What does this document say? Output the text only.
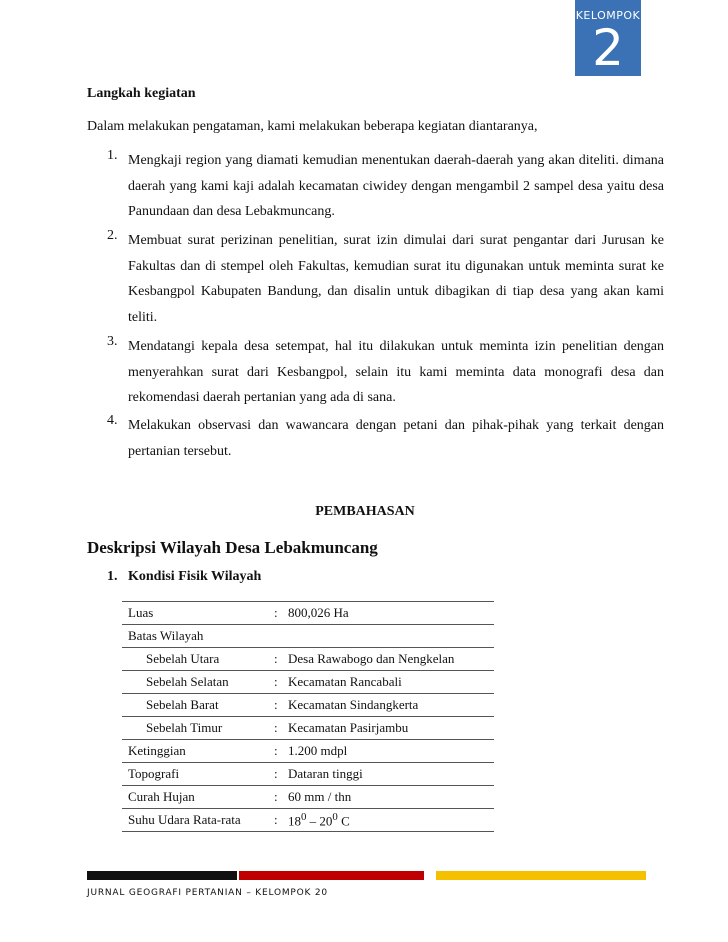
KELOMPOK
2
Langkah kegiatan
Dalam melakukan pengataman, kami melakukan beberapa kegiatan diantaranya,
1. Mengkaji region yang diamati kemudian menentukan daerah-daerah yang akan diteliti. dimana daerah yang kami kaji adalah kecamatan ciwidey dengan mengambil 2 sampel desa yaitu desa Panundaan dan desa Lebakmuncang.
2. Membuat surat perizinan penelitian, surat izin dimulai dari surat pengantar dari Jurusan ke Fakultas dan di stempel oleh Fakultas, kemudian surat itu digunakan untuk meminta surat ke Kesbangpol Kabupaten Bandung, dan disalin untuk dibagikan di tiap desa yang akan kami teliti.
3. Mendatangi kepala desa setempat, hal itu dilakukan untuk meminta izin penelitian dengan menyerahkan surat dari Kesbangpol, selain itu kami meminta data monografi desa dan rekomendasi daerah pertanian yang ada di sana.
4. Melakukan observasi dan wawancara dengan petani dan pihak-pihak yang terkait dengan pertanian tersebut.
PEMBAHASAN
Deskripsi Wilayah Desa Lebakmuncang
1. Kondisi Fisik Wilayah
Luas	:	800,026 Ha
Batas Wilayah		
Sebelah Utara	:	Desa Rawabogo dan Nengkelan
Sebelah Selatan	:	Kecamatan Rancabali
Sebelah Barat	:	Kecamatan Sindangkerta
Sebelah Timur	:	Kecamatan Pasirjambu
Ketinggian	:	1.200 mdpl
Topografi	:	Dataran tinggi
Curah Hujan	:	60 mm / thn
Suhu Udara Rata-rata	:	$18^0 - 20^0$ C
JURNAL GEOGRAFI PERTANIAN – KELOMPOK 20
